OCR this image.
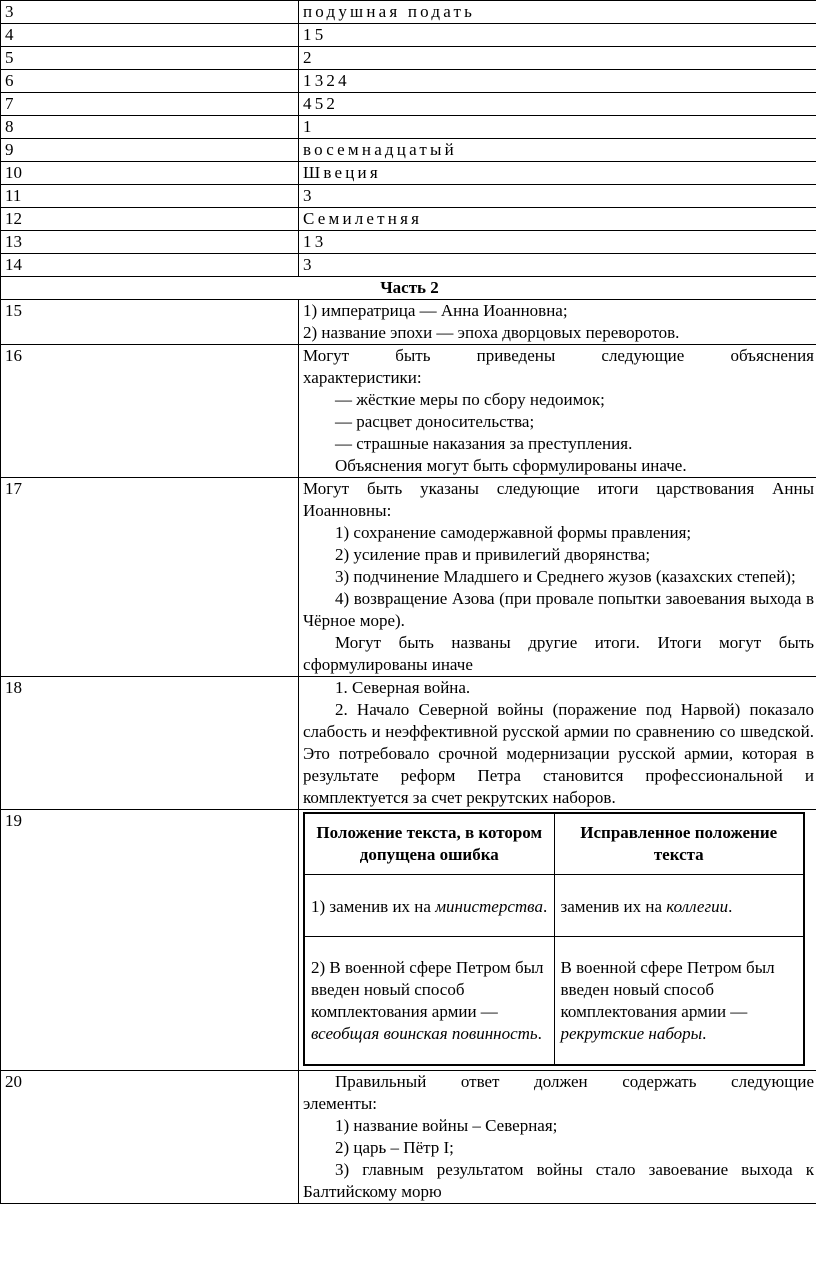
3	подушная подать
4	15
5	2
6	1324
7	452
8	1
9	восемнадцатый
10	Швеция
11	3
12	Семилетняя
13	13
14	3
Часть 2
15	1) императрица — Анна Иоанновна;

2) название эпохи — эпоха дворцовых переворотов.

16	Могут быть приведены следующие объяснения характеристики:

— жёсткие меры по сбору недоимок;

— расцвет доносительства;

— страшные наказания за преступления.

Объяснения могут быть сформулированы иначе.

17	Могут быть указаны следующие итоги царствования Анны Иоанновны:

1) сохранение самодержавной формы правления;

2) усиление прав и привилегий дворянства;

3) подчинение Младшего и Среднего жузов (казахских степей);

4) возвращение Азова (при провале попытки завоевания выхода в Чёрное море).

Могут быть названы другие итоги. Итоги могут быть сформулированы иначе

18	1. Северная война.

2. Начало Северной войны (поражение под Нарвой) показало слабость и неэффективной русской армии по сравнению со шведской. Это потребовало срочной модернизации русской армии, которая в результате реформ Петра становится профессиональной и комплектуется за счет рекрутских наборов.

19	
Положение текста, в котором допущена ошибка	Исправленное положение текста
1) заменив их на министерства.	заменив их на коллегии.
2) В военной сфере Петром был введен новый способ комплектования армии — всеобщая воинская повинность.	В военной сфере Петром был введен новый способ комплектования армии — рекрутские наборы.

20	Правильный ответ должен содержать следующие элементы:

1) название войны – Северная;

2) царь – Пётр I;

3) главным результатом войны стало завоевание выхода к Балтийскому морю
